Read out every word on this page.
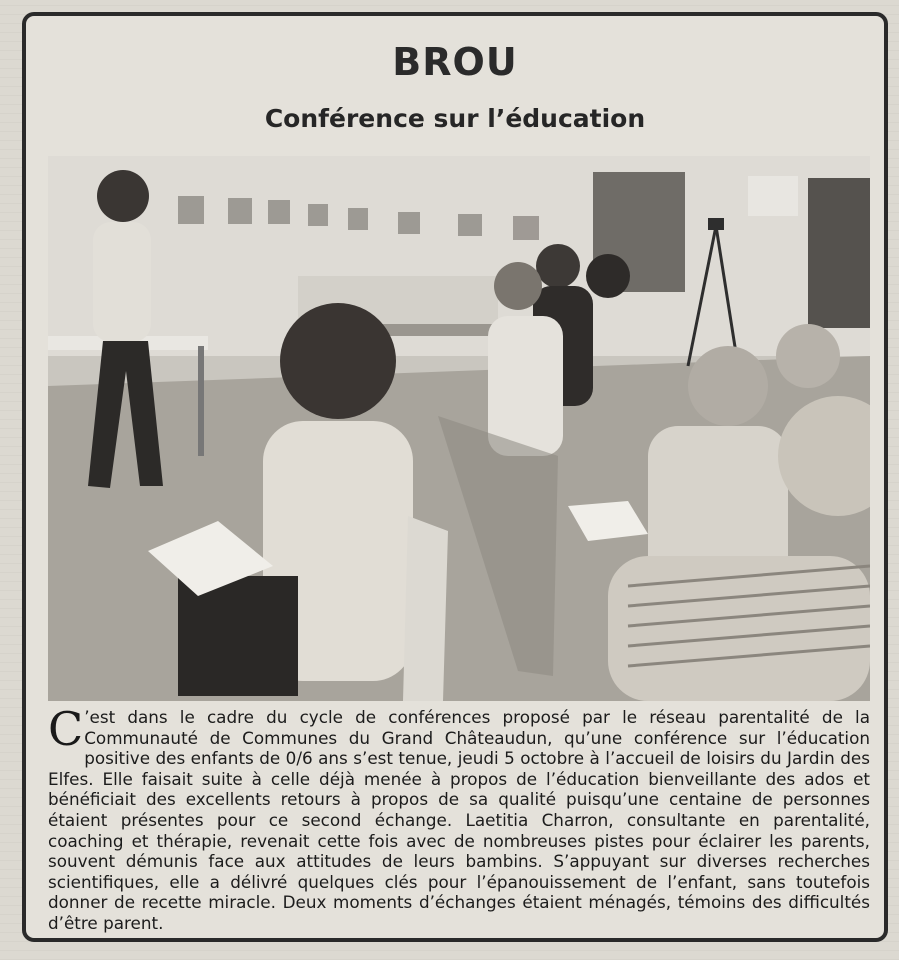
BROU
Conférence sur l’éducation

C ’est dans le cadre du cycle de conférences proposé par le réseau parentalité de la Communauté de Communes du Grand Châteaudun, qu’une conférence sur l’éducation positive des enfants de 0/6 ans s’est tenue, jeudi 5 octobre à l’accueil de loisirs du Jardin des Elfes. Elle faisait suite à celle déjà menée à propos de l’éducation bienveillante des ados et bénéficiait des excellents retours à propos de sa qualité puisqu’une centaine de personnes étaient présentes pour ce second échange. Laetitia Charron, consultante en parentalité, coaching et thérapie, revenait cette fois avec de nombreuses pistes pour éclairer les parents, souvent démunis face aux attitudes de leurs bambins. S’appuyant sur diverses recherches scientifiques, elle a délivré quelques clés pour l’épanouissement de l’enfant, sans toutefois donner de recette miracle. Deux moments d’échanges étaient ménagés, témoins des difficultés d’être parent.
